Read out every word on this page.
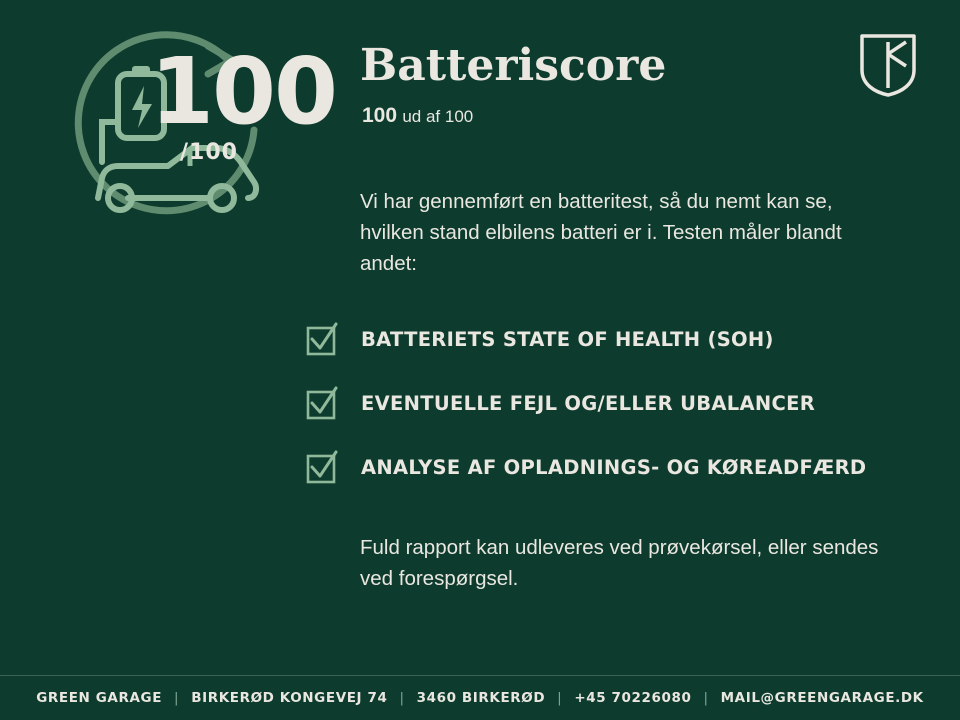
100
/100
Batteriscore
100 ud af 100
Vi har gennemført en batteritest, så du nemt kan se, hvilken stand elbilens batteri er i. Testen måler blandt andet:
BATTERIETS STATE OF HEALTH (SOH)
EVENTUELLE FEJL OG/ELLER UBALANCER
ANALYSE AF OPLADNINGS- OG KØREADFÆRD
Fuld rapport kan udleveres ved prøvekørsel, eller sendes ved forespørgsel.
GREEN GARAGE | BIRKERØD KONGEVEJ 74 | 3460 BIRKERØD | +45 70226080 | MAIL@GREENGARAGE.DK
